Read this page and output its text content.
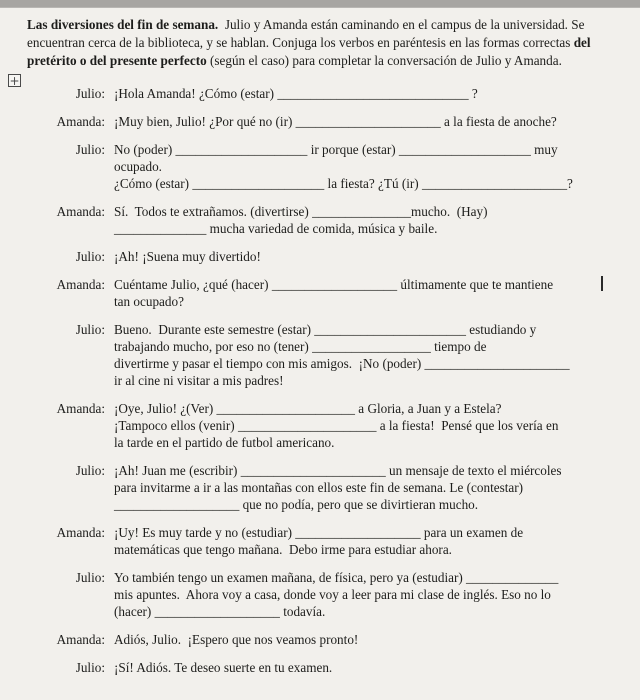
Las diversiones del fin de semana.  Julio y Amanda están caminando en el campus de la universidad. Se encuentran cerca de la biblioteca, y se hablan. Conjuga los verbos en paréntesis en las formas correctas del pretérito o del presente perfecto (según el caso) para completar la conversación de Julio y Amanda.

Julio: ¡Hola Amanda! ¿Cómo (estar) _____________________________ ?
Amanda: ¡Muy bien, Julio! ¿Por qué no (ir) ______________________ a la fiesta de anoche?
Julio: No (poder) ____________________ ir porque (estar) ____________________ muy
ocupado.
¿Cómo (estar) ____________________ la fiesta? ¿Tú (ir) ______________________?
Amanda: Sí.  Todos te extrañamos. (divertirse) _______________mucho.  (Hay)
______________ mucha variedad de comida, música y baile.
Julio: ¡Ah! ¡Suena muy divertido!
Amanda: Cuéntame Julio, ¿qué (hacer) ___________________ últimamente que te mantiene
tan ocupado?
Julio: Bueno.  Durante este semestre (estar) _______________________ estudiando y
trabajando mucho, por eso no (tener) __________________ tiempo de
divertirme y pasar el tiempo con mis amigos.  ¡No (poder) ______________________
ir al cine ni visitar a mis padres!
Amanda: ¡Oye, Julio! ¿(Ver) _____________________ a Gloria, a Juan y a Estela?
¡Tampoco ellos (venir) _____________________ a la fiesta!  Pensé que los vería en
la tarde en el partido de futbol americano.
Julio: ¡Ah! Juan me (escribir) ______________________ un mensaje de texto el miércoles
para invitarme a ir a las montañas con ellos este fin de semana. Le (contestar)
___________________ que no podía, pero que se divirtieran mucho.
Amanda: ¡Uy! Es muy tarde y no (estudiar) ___________________ para un examen de
matemáticas que tengo mañana.  Debo irme para estudiar ahora.
Julio: Yo también tengo un examen mañana, de física, pero ya (estudiar) ______________
mis apuntes.  Ahora voy a casa, donde voy a leer para mi clase de inglés. Eso no lo
(hacer) ___________________ todavía.
Amanda: Adiós, Julio.  ¡Espero que nos veamos pronto!
Julio: ¡Sí! Adiós. Te deseo suerte en tu examen.
+
